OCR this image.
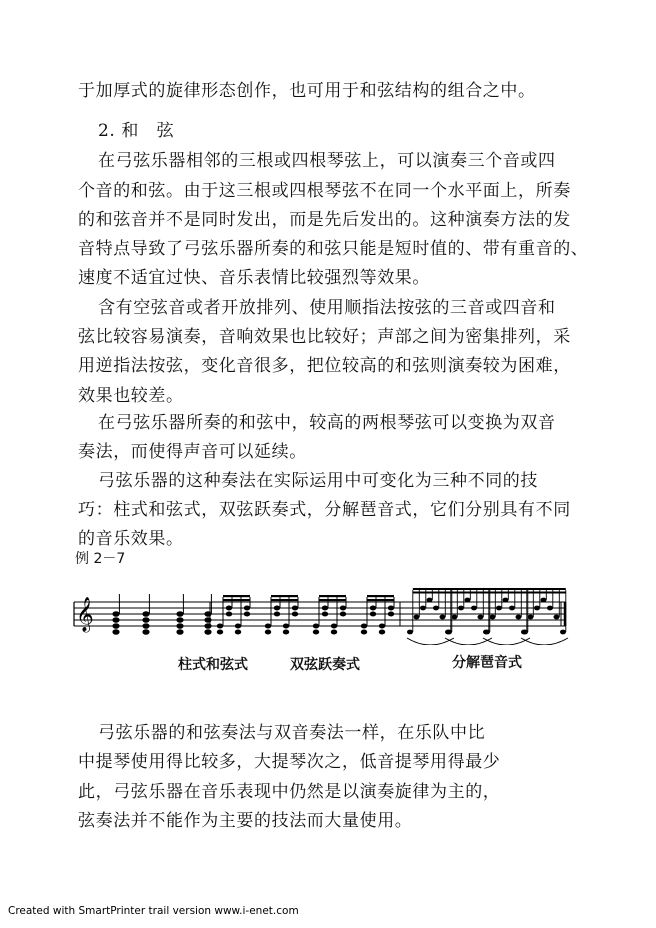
于加厚式的旋律形态创作，也可用于和弦结构的组合之中。
2. 和　弦
在弓弦乐器相邻的三根或四根琴弦上，可以演奏三个音或四
个音的和弦。由于这三根或四根琴弦不在同一个水平面上，所奏
的和弦音并不是同时发出，而是先后发出的。这种演奏方法的发
音特点导致了弓弦乐器所奏的和弦只能是短时值的、带有重音的、
速度不适宜过快、音乐表情比较强烈等效果。
含有空弦音或者开放排列、使用顺指法按弦的三音或四音和
弦比较容易演奏，音响效果也比较好；声部之间为密集排列，采
用逆指法按弦，变化音很多，把位较高的和弦则演奏较为困难，
效果也较差。
在弓弦乐器所奏的和弦中，较高的两根琴弦可以变换为双音
奏法，而使得声音可以延续。
弓弦乐器的这种奏法在实际运用中可变化为三种不同的技
巧：柱式和弦式，双弦跃奏式，分解琶音式，它们分别具有不同
的音乐效果。
弓弦乐器的和弦奏法与双音奏法一样，在乐队中比
中提琴使用得比较多，大提琴次之，低音提琴用得最少
此，弓弦乐器在音乐表现中仍然是以演奏旋律为主的，
弦奏法并不能作为主要的技法而大量使用。
例 2－7
𝄞
柱式和弦式	双弦跃奏式	分解琶音式
Created with SmartPrinter trail version www.i-enet.com
